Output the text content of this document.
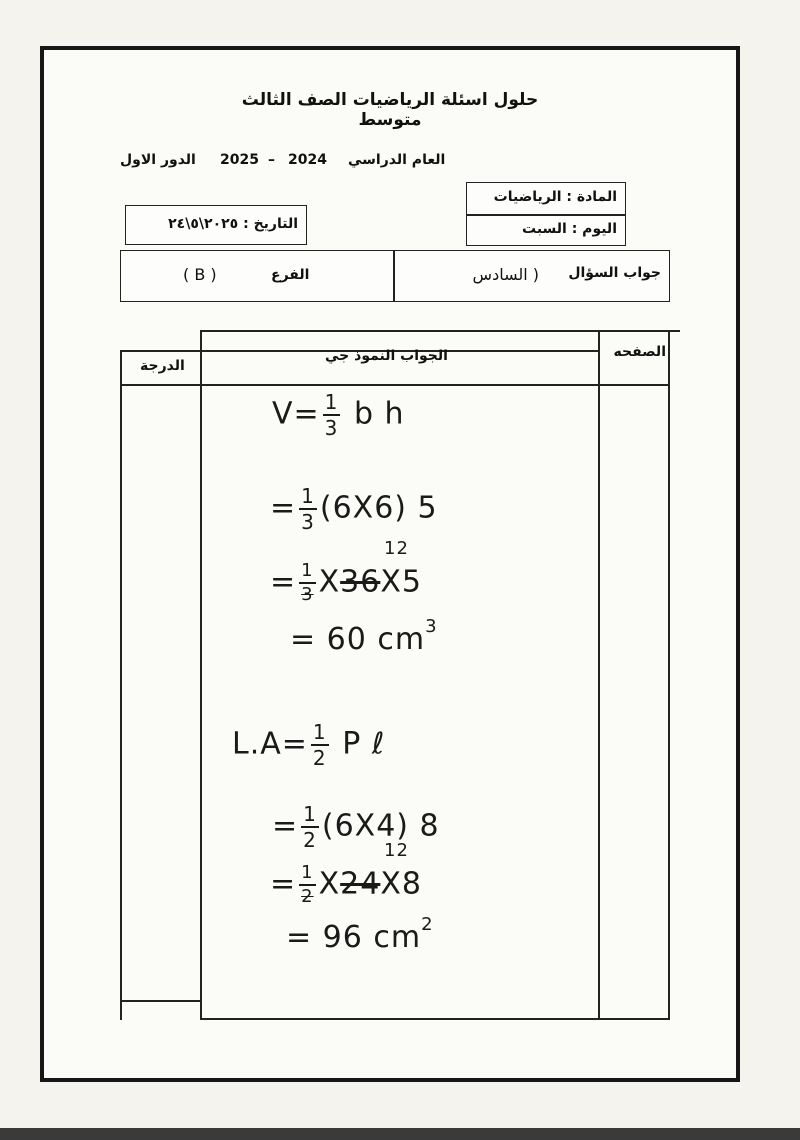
حلول اسئلة الرياضيات الصف الثالث متوسط
الدور الاول 2025 – 2024 العام الدراسي
المادة : الرياضيات
اليوم : السبت
التاريخ : ٢٠٢٥\٥\٢٤
جواب السؤال
( السادس
الفرع
( B )
الصفحه
الجواب النموذ جي
الدرجة
$V= \frac{1}{3}$ b h
= $\frac{1}{3} (6X6)$ 5
= $\frac{1}{3} X36X5$
12
= 60 $cm^3$
$L.A= \frac{1}{2}$ P ℓ
= $\frac{1}{2} (6X4)$ 8
= $\frac{1}{2} X24X8$
12
= 96 $cm^2$
